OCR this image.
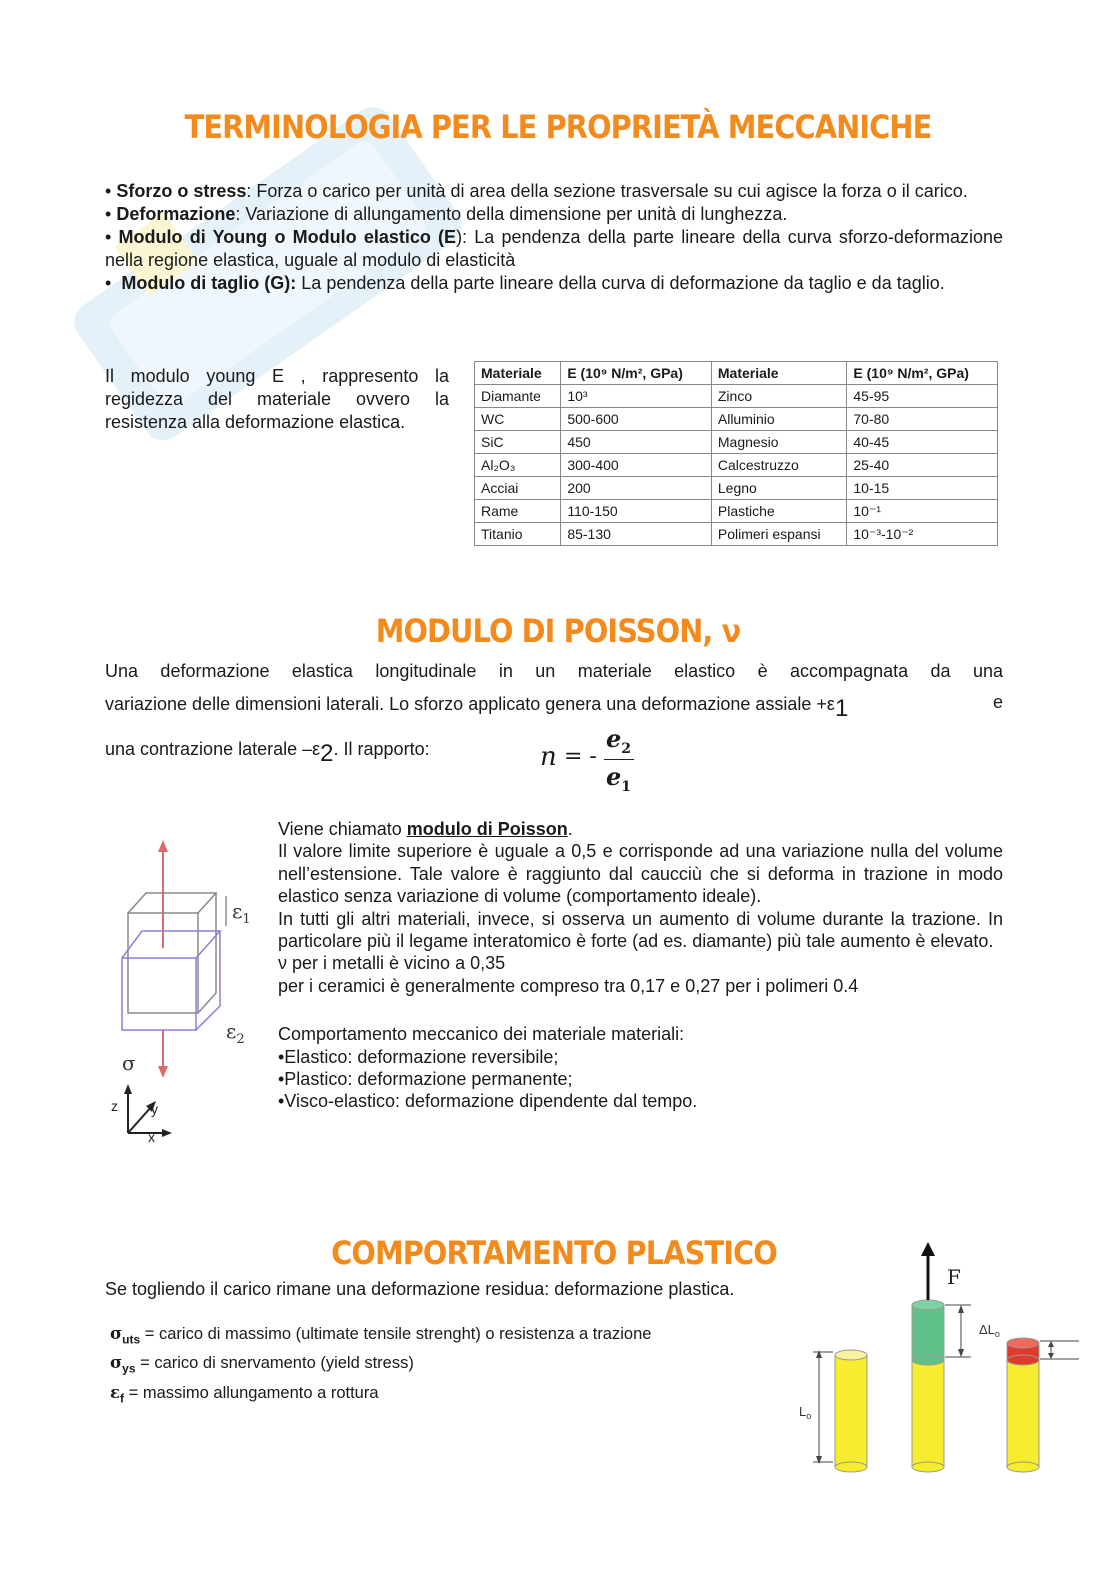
TERMINOLOGIA PER LE PROPRIETÀ MECCANICHE
• Sforzo o stress: Forza o carico per unità di area della sezione trasversale su cui agisce la forza o il carico.
• Deformazione: Variazione di allungamento della dimensione per unità di lunghezza.
• Modulo di Young o Modulo elastico (E): La pendenza della parte lineare della curva sforzo-deformazione nella regione elastica, uguale al modulo di elasticità
• Modulo di taglio (G): La pendenza della parte lineare della curva di deformazione da taglio e da taglio.
Il modulo young E , rappresento la regidezza del materiale ovvero la resistenza alla deformazione elastica.
Materiale	E (10⁹ N/m², GPa)	Materiale	E (10⁹ N/m², GPa)
Diamante	10³	Zinco	45-95
WC	500-600	Alluminio	70-80
SiC	450	Magnesio	40-45
Al₂O₃	300-400	Calcestruzzo	25-40
Acciai	200	Legno	10-15
Rame	110-150	Plastiche	10⁻¹
Titanio	85-130	Polimeri espansi	10⁻³-10⁻²
MODULO DI POISSON, ν
Una deformazione elastica longitudinale in un materiale elastico è accompagnata da una
variazione delle dimensioni laterali. Lo sforzo applicato genera una deformazione assiale +ε1	e
una contrazione laterale –ε2. Il rapporto:	n = -
$e_2$
$e_1$
$\varepsilon_1$
$\varepsilon_2$
σ
z y
x
Viene chiamato modulo di Poisson.
Il valore limite superiore è uguale a 0,5 e corrisponde ad una variazione nulla del volume nell’estensione. Tale valore è raggiunto dal caucciù che si deforma in trazione in modo elastico senza variazione di volume (comportamento ideale).
In tutti gli altri materiali, invece, si osserva un aumento di volume durante la trazione. In particolare più il legame interatomico è forte (ad es. diamante) più tale aumento è elevato.
ν per i metalli è vicino a 0,35
per i ceramici è generalmente compreso tra 0,17 e 0,27 per i polimeri 0.4
Comportamento meccanico dei materiale materiali:
•Elastico: deformazione reversibile;
•Plastico: deformazione permanente;
•Visco-elastico: deformazione dipendente dal tempo.
COMPORTAMENTO PLASTICO
Se togliendo il carico rimane una deformazione residua: deformazione plastica.
$\sigma_{uts}$ = carico di massimo (ultimate tensile strenght) o resistenza a trazione
$\sigma_{ys}$ = carico di snervamento (yield stress)
$\varepsilon_f$ = massimo allungamento a rottura
$L_o$
F
$\Delta L_o$
